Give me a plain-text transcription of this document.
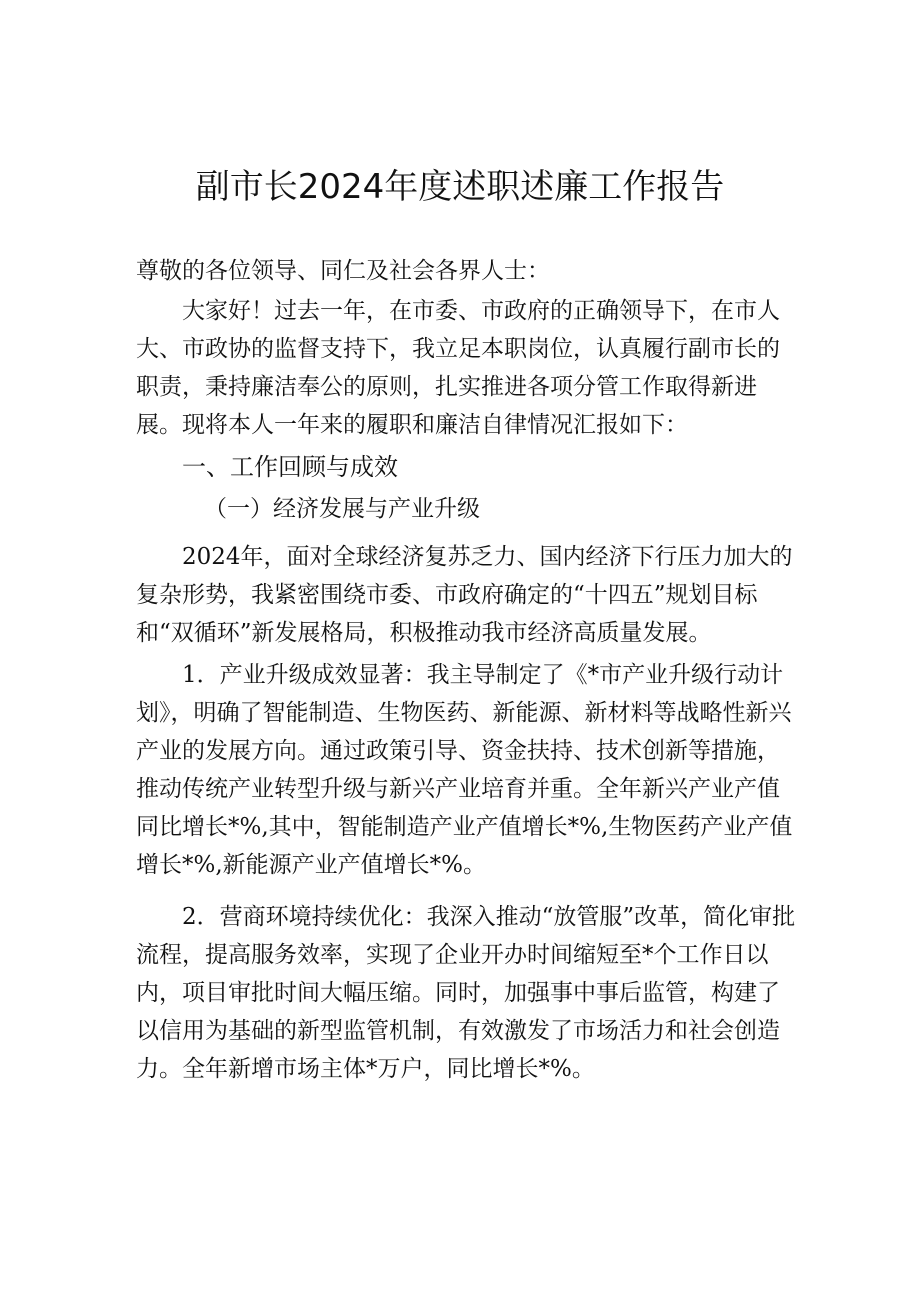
副市长2024年度述职述廉工作报告

尊敬的各位领导、同仁及社会各界人士：

大家好！过去一年，在市委、市政府的正确领导下，在市人大、市政协的监督支持下，我立足本职岗位，认真履行副市长的职责，秉持廉洁奉公的原则，扎实推进各项分管工作取得新进展。现将本人一年来的履职和廉洁自律情况汇报如下：

一、工作回顾与成效

（一）经济发展与产业升级

2024年，面对全球经济复苏乏力、国内经济下行压力加大的复杂形势，我紧密围绕市委、市政府确定的“十四五”规划目标和“双循环”新发展格局，积极推动我市经济高质量发展。

1．产业升级成效显著：我主导制定了《*市产业升级行动计划》，明确了智能制造、生物医药、新能源、新材料等战略性新兴产业的发展方向。通过政策引导、资金扶持、技术创新等措施，推动传统产业转型升级与新兴产业培育并重。全年新兴产业产值同比增长*%,其中，智能制造产业产值增长*%,生物医药产业产值增长*%,新能源产业产值增长*%。

2．营商环境持续优化：我深入推动“放管服”改革，简化审批流程，提高服务效率，实现了企业开办时间缩短至*个工作日以内，项目审批时间大幅压缩。同时，加强事中事后监管，构建了以信用为基础的新型监管机制，有效激发了市场活力和社会创造力。全年新增市场主体*万户，同比增长*%。
